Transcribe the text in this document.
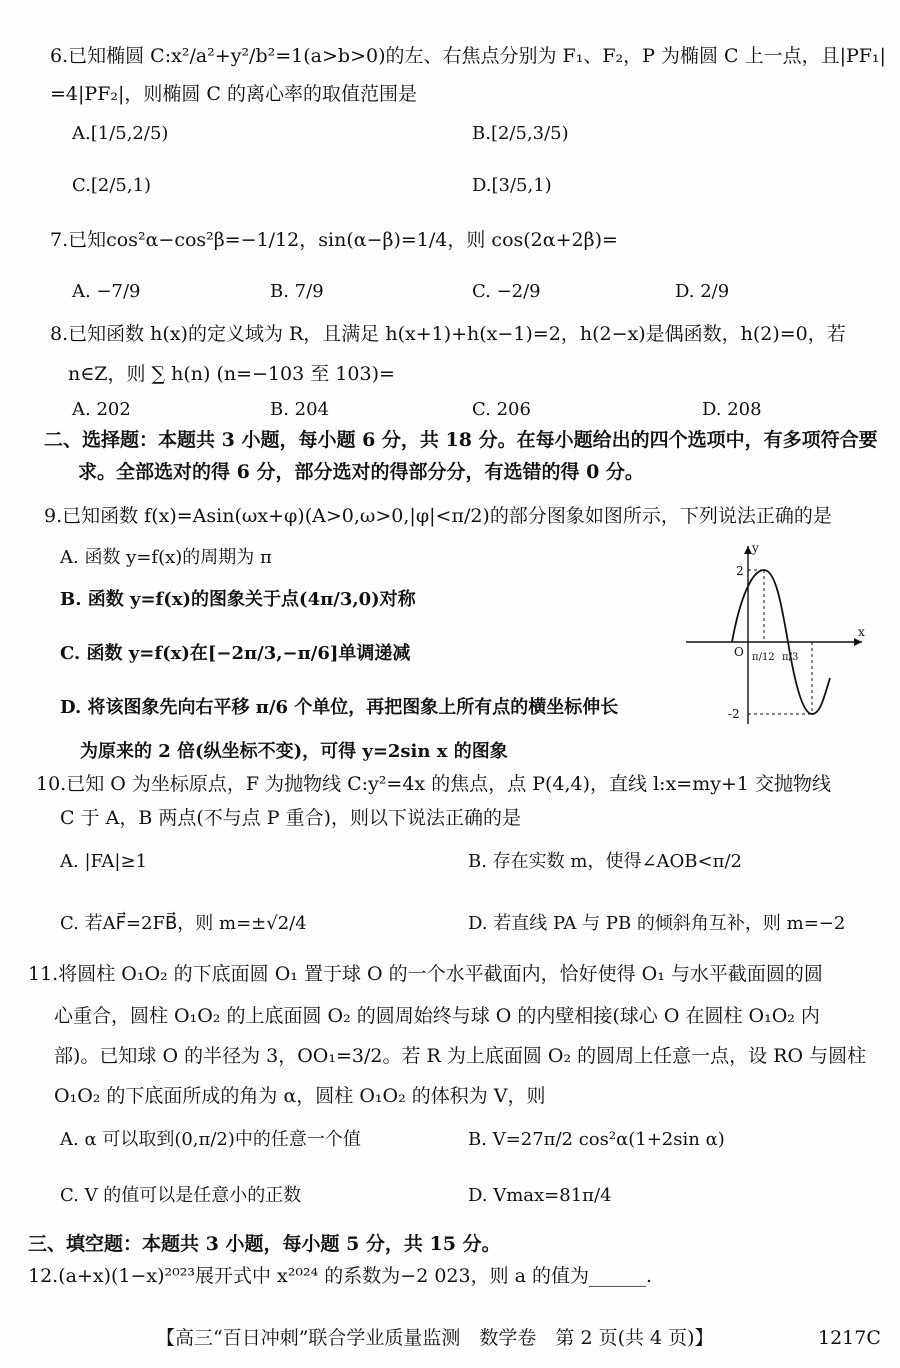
6.已知椭圆 C:x²/a²+y²/b²=1(a>b>0)的左、右焦点分别为 F₁、F₂，P 为椭圆 C 上一点，且|PF₁|
=4|PF₂|，则椭圆 C 的离心率的取值范围是
A.[1/5,2/5)	B.[2/5,3/5)
C.[2/5,1)	D.[3/5,1)
7.已知cos²α−cos²β=−1/12，sin(α−β)=1/4，则 cos(2α+2β)=
A. −7/9	B. 7/9	C. −2/9	D. 2/9
8.已知函数 h(x)的定义域为 R，且满足 h(x+1)+h(x−1)=2，h(2−x)是偶函数，h(2)=0，若
n∈Z，则 ∑ h(n) (n=−103 至 103)=
A. 202	B. 204	C. 206	D. 208
二、选择题：本题共 3 小题，每小题 6 分，共 18 分。在每小题给出的四个选项中，有多项符合要
求。全部选对的得 6 分，部分选对的得部分分，有选错的得 0 分。
9.已知函数 f(x)=Asin(ωx+φ)(A>0,ω>0,|φ|<π/2)的部分图象如图所示，下列说法正确的是
A. 函数 y=f(x)的周期为 π
B. 函数 y=f(x)的图象关于点(4π/3,0)对称
C. 函数 y=f(x)在[−2π/3,−π/6]单调递减
D. 将该图象先向右平移 π/6 个单位，再把图象上所有点的横坐标伸长
为原来的 2 倍(纵坐标不变)，可得 y=2sin x 的图象
y
x
O
2
-2
π/12 π/3
10.已知 O 为坐标原点，F 为抛物线 C:y²=4x 的焦点，点 P(4,4)，直线 l:x=my+1 交抛物线
C 于 A，B 两点(不与点 P 重合)，则以下说法正确的是
A. |FA|≥1	B. 存在实数 m，使得∠AOB<π/2
C. 若AF⃗=2FB⃗，则 m=±√2/4	D. 若直线 PA 与 PB 的倾斜角互补，则 m=−2
11.将圆柱 O₁O₂ 的下底面圆 O₁ 置于球 O 的一个水平截面内，恰好使得 O₁ 与水平截面圆的圆
心重合，圆柱 O₁O₂ 的上底面圆 O₂ 的圆周始终与球 O 的内壁相接(球心 O 在圆柱 O₁O₂ 内
部)。已知球 O 的半径为 3，OO₁=3/2。若 R 为上底面圆 O₂ 的圆周上任意一点，设 RO 与圆柱
O₁O₂ 的下底面所成的角为 α，圆柱 O₁O₂ 的体积为 V，则
A. α 可以取到(0,π/2)中的任意一个值	B. V=27π/2 cos²α(1+2sin α)
C. V 的值可以是任意小的正数	D. Vmax=81π/4
三、填空题：本题共 3 小题，每小题 5 分，共 15 分。
12.(a+x)(1−x)²⁰²³展开式中 x²⁰²⁴ 的系数为−2 023，则 a 的值为______.
【高三“百日冲刺”联合学业质量监测　数学卷　第 2 页(共 4 页)】	1217C
